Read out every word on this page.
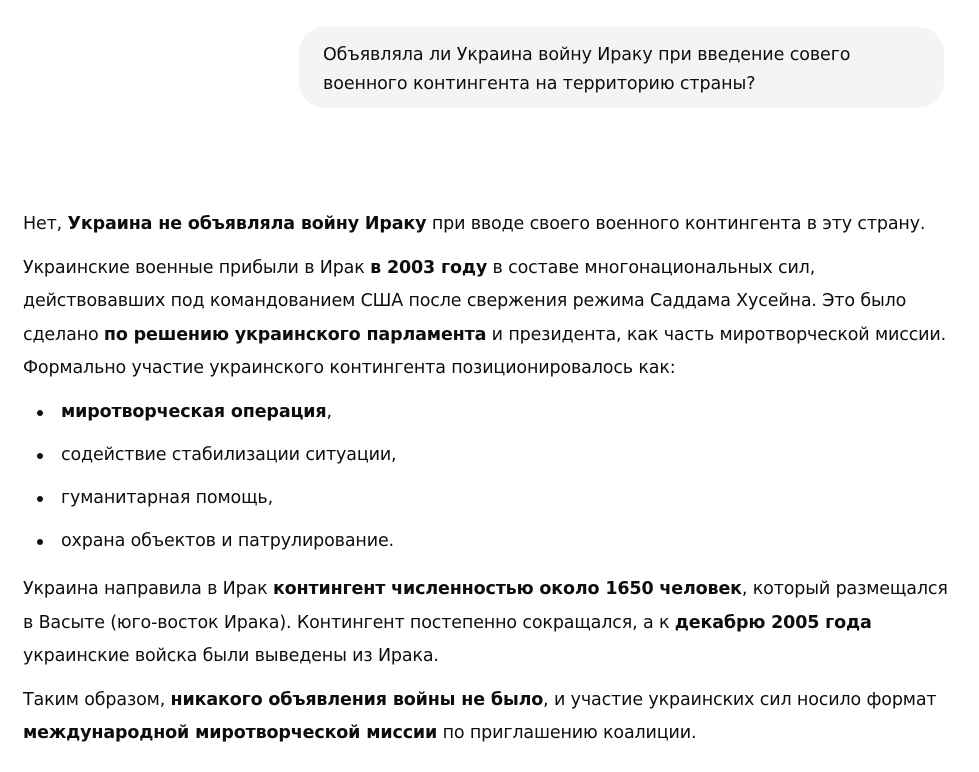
Объявляла ли Украина войну Ираку при введение совего
военного контингента на территорию страны?

Нет, Украина не объявляла войну Ираку при вводе своего военного контингента в эту страну.

Украинские военные прибыли в Ирак в 2003 году в составе многонациональных сил, действовавших под командованием США после свержения режима Саддама Хусейна. Это было сделано по решению украинского парламента и президента, как часть миротворческой миссии. Формально участие украинского контингента позиционировалось как:

миротворческая операция,
содействие стабилизации ситуации,
гуманитарная помощь,
охрана объектов и патрулирование.

Украина направила в Ирак контингент численностью около 1650 человек, который размещался в Васыте (юго-восток Ирака). Контингент постепенно сокращался, а к декабрю 2005 года украинские войска были выведены из Ирака.

Таким образом, никакого объявления войны не было, и участие украинских сил носило формат международной миротворческой миссии по приглашению коалиции.
